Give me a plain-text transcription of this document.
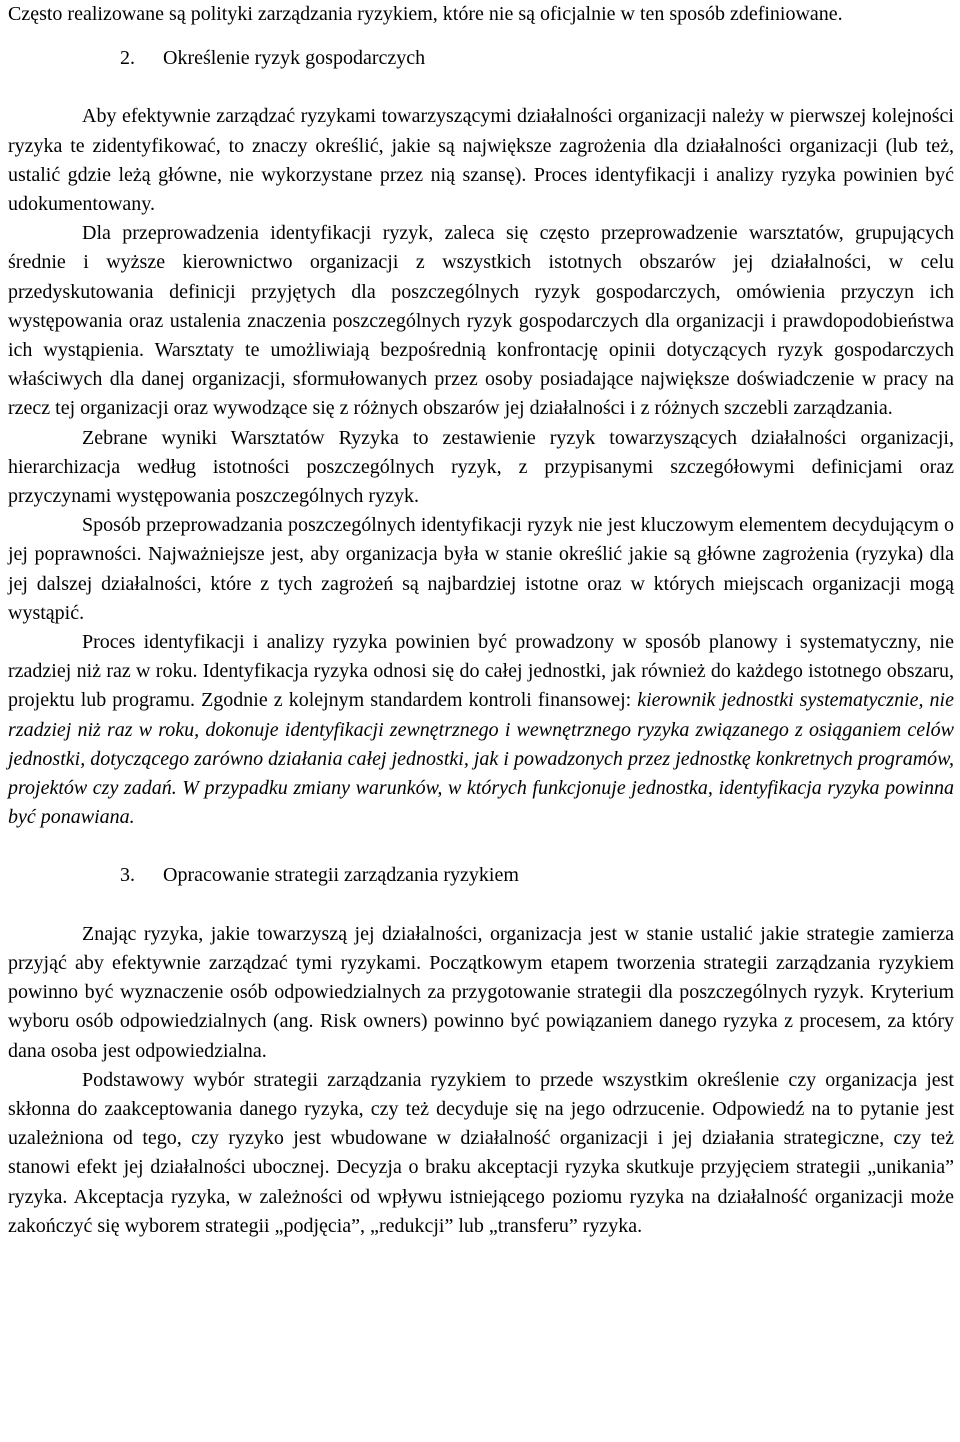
Często realizowane są polityki zarządzania ryzykiem, które nie są oficjalnie w ten sposób zdefiniowane.

2. Określenie ryzyk gospodarczych

Aby efektywnie zarządzać ryzykami towarzyszącymi działalności organizacji należy w pierwszej kolejności ryzyka te zidentyfikować, to znaczy określić, jakie są największe zagrożenia dla działalności organizacji (lub też, ustalić gdzie leżą główne, nie wykorzystane przez nią szansę). Proces identyfikacji i analizy ryzyka powinien być udokumentowany.

Dla przeprowadzenia identyfikacji ryzyk, zaleca się często przeprowadzenie warsztatów, grupujących średnie i wyższe kierownictwo organizacji z wszystkich istotnych obszarów jej działalności, w celu przedyskutowania definicji przyjętych dla poszczególnych ryzyk gospodarczych, omówienia przyczyn ich występowania oraz ustalenia znaczenia poszczególnych ryzyk gospodarczych dla organizacji i prawdopodobieństwa ich wystąpienia. Warsztaty te umożliwiają bezpośrednią konfrontację opinii dotyczących ryzyk gospodarczych właściwych dla danej organizacji, sformułowanych przez osoby posiadające największe doświadczenie w pracy na rzecz tej organizacji oraz wywodzące się z różnych obszarów jej działalności i z różnych szczebli zarządzania.

Zebrane wyniki Warsztatów Ryzyka to zestawienie ryzyk towarzyszących działalności organizacji, hierarchizacja według istotności poszczególnych ryzyk, z przypisanymi szczegółowymi definicjami oraz przyczynami występowania poszczególnych ryzyk.

Sposób przeprowadzania poszczególnych identyfikacji ryzyk nie jest kluczowym elementem decydującym o jej poprawności. Najważniejsze jest, aby organizacja była w stanie określić jakie są główne zagrożenia (ryzyka) dla jej dalszej działalności, które z tych zagrożeń są najbardziej istotne oraz w których miejscach organizacji mogą wystąpić.

Proces identyfikacji i analizy ryzyka powinien być prowadzony w sposób planowy i systematyczny, nie rzadziej niż raz w roku. Identyfikacja ryzyka odnosi się do całej jednostki, jak również do każdego istotnego obszaru, projektu lub programu. Zgodnie z kolejnym standardem kontroli finansowej: kierownik jednostki systematycznie, nie rzadziej niż raz w roku, dokonuje identyfikacji zewnętrznego i wewnętrznego ryzyka związanego z osiąganiem celów jednostki, dotyczącego zarówno działania całej jednostki, jak i powadzonych przez jednostkę konkretnych programów, projektów czy zadań. W przypadku zmiany warunków, w których funkcjonuje jednostka, identyfikacja ryzyka powinna być ponawiana.

3. Opracowanie strategii zarządzania ryzykiem

Znając ryzyka, jakie towarzyszą jej działalności, organizacja jest w stanie ustalić jakie strategie zamierza przyjąć aby efektywnie zarządzać tymi ryzykami. Początkowym etapem tworzenia strategii zarządzania ryzykiem powinno być wyznaczenie osób odpowiedzialnych za przygotowanie strategii dla poszczególnych ryzyk. Kryterium wyboru osób odpowiedzialnych (ang. Risk owners) powinno być powiązaniem danego ryzyka z procesem, za który dana osoba jest odpowiedzialna.

Podstawowy wybór strategii zarządzania ryzykiem to przede wszystkim określenie czy organizacja jest skłonna do zaakceptowania danego ryzyka, czy też decyduje się na jego odrzucenie. Odpowiedź na to pytanie jest uzależniona od tego, czy ryzyko jest wbudowane w działalność organizacji i jej działania strategiczne, czy też stanowi efekt jej działalności ubocznej. Decyzja o braku akceptacji ryzyka skutkuje przyjęciem strategii „unikania” ryzyka. Akceptacja ryzyka, w zależności od wpływu istniejącego poziomu ryzyka na działalność organizacji może zakończyć się wyborem strategii „podjęcia”, „redukcji” lub „transferu” ryzyka.
